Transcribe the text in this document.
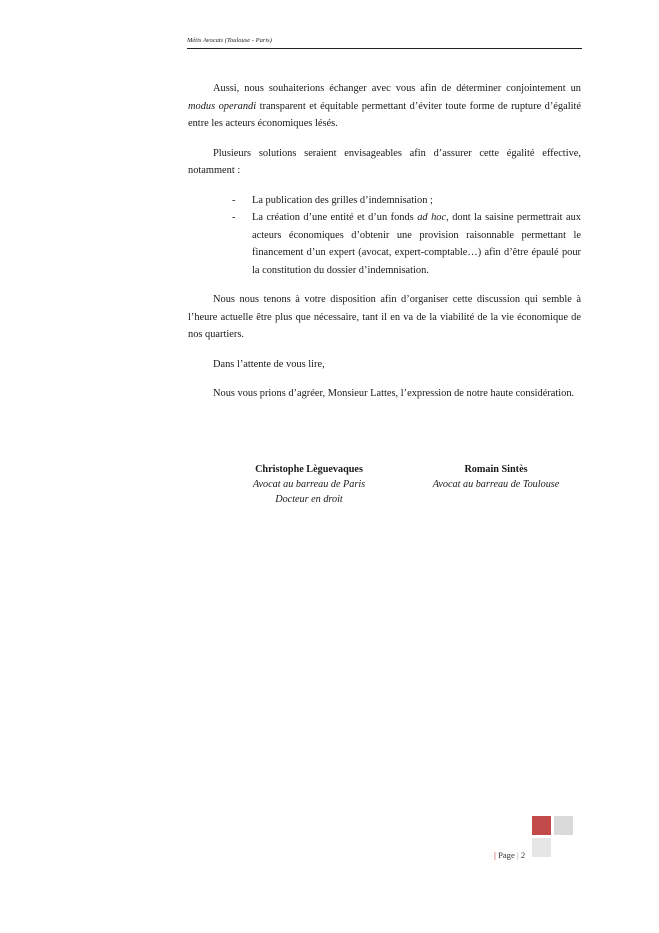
Métis Avocats (Toulouse - Paris)

Aussi, nous souhaiterions échanger avec vous afin de déterminer conjointement un modus operandi transparent et équitable permettant d’éviter toute forme de rupture d’égalité entre les acteurs économiques lésés.

Plusieurs solutions seraient envisageables afin d’assurer cette égalité effective, notamment :

- La publication des grilles d’indemnisation ;
- La création d’une entité et d’un fonds ad hoc, dont la saisine permettrait aux acteurs économiques d’obtenir une provision raisonnable permettant le financement d’un expert (avocat, expert-comptable…) afin d’être épaulé pour la constitution du dossier d’indemnisation.

Nous nous tenons à votre disposition afin d’organiser cette discussion qui semble à l’heure actuelle être plus que nécessaire, tant il en va de la viabilité de la vie économique de nos quartiers.

Dans l’attente de vous lire,

Nous vous prions d’agréer, Monsieur Lattes, l’expression de notre haute considération.

Christophe Lèguevaques
Avocat au barreau de Paris
Docteur en droit
Romain Sintès
Avocat au barreau de Toulouse
| Page | 2
